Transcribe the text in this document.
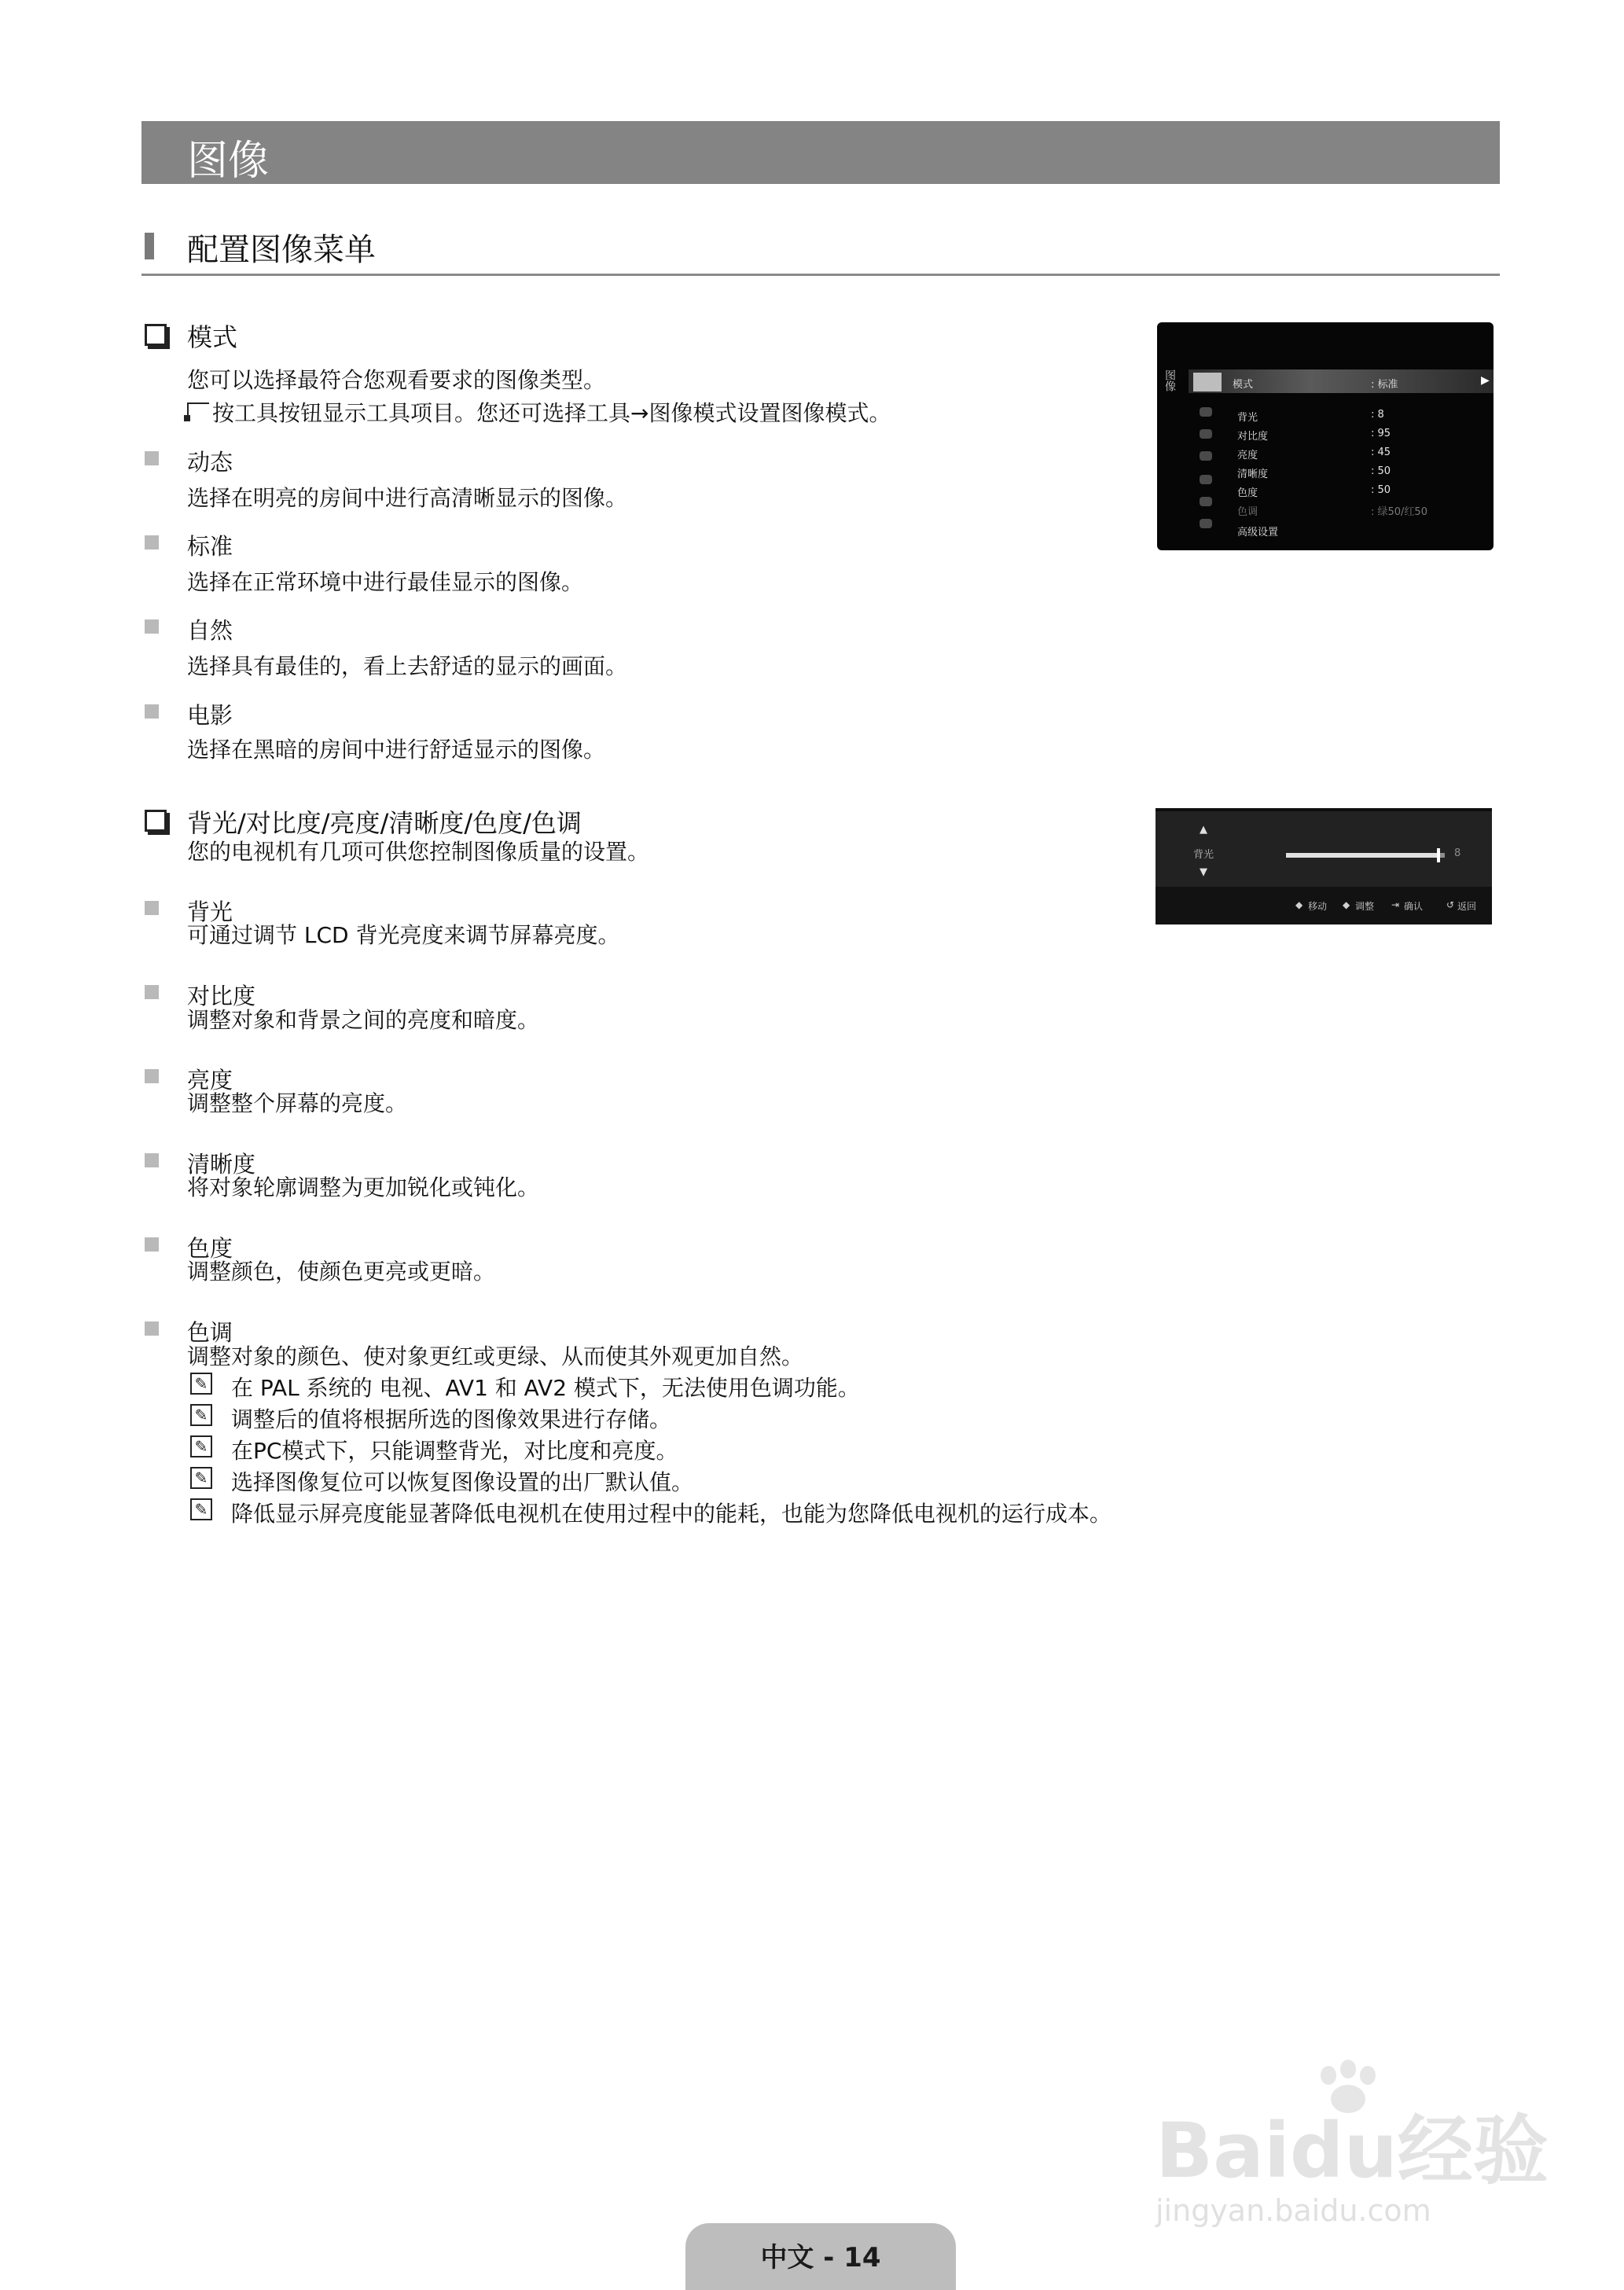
图像
配置图像菜单
模式
您可以选择最符合您观看要求的图像类型。
按工具按钮显示工具项目。您还可选择工具→图像模式设置图像模式。
动态
选择在明亮的房间中进行高清晰显示的图像。
标准
选择在正常环境中进行最佳显示的图像。
自然
选择具有最佳的，看上去舒适的显示的画面。
电影
选择在黑暗的房间中进行舒适显示的图像。
背光/对比度/亮度/清晰度/色度/色调
您的电视机有几项可供您控制图像质量的设置。
背光
可通过调节 LCD 背光亮度来调节屏幕亮度。
对比度
调整对象和背景之间的亮度和暗度。
亮度
调整整个屏幕的亮度。
清晰度
将对象轮廓调整为更加锐化或钝化。
色度
调整颜色，使颜色更亮或更暗。
色调
调整对象的颜色、使对象更红或更绿、从而使其外观更加自然。
✎ 在 PAL 系统的 电视、AV1 和 AV2 模式下，无法使用色调功能。
✎ 调整后的值将根据所选的图像效果进行存储。
✎ 在PC模式下，只能调整背光，对比度和亮度。
✎ 选择图像复位可以恢复图像设置的出厂默认值。
✎ 降低显示屏亮度能显著降低电视机在使用过程中的能耗，也能为您降低电视机的运行成本。
图像	模式	: 标准	▶
背光	: 8
对比度	: 95
亮度	: 45
清晰度	: 50
色度	: 50
色调	: 绿50/红50
高级设置
▲
背光
▼
8
◆ 移动 ◆ 调整 ⇥ 确认 ↺ 返回
Baidu经验
jingyan.baidu.com
中文 - 14
